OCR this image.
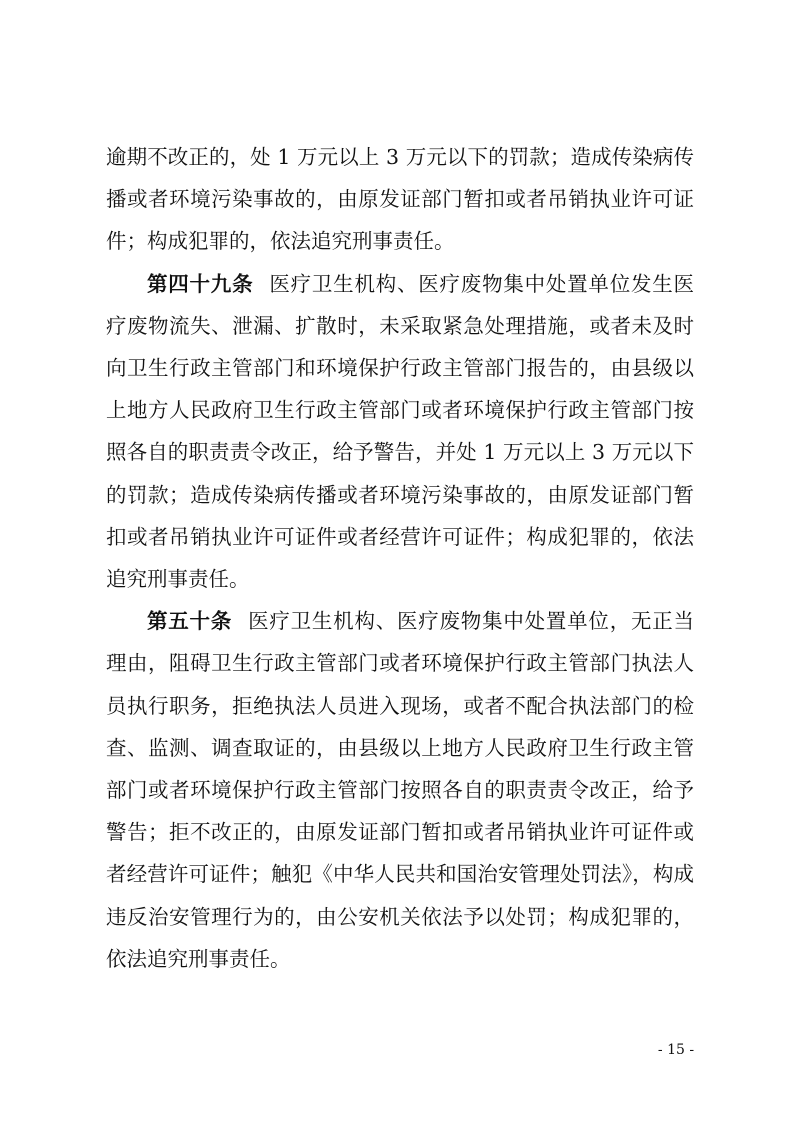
逾期不改正的，处 1 万元以上 3 万元以下的罚款；造成传染病传播或者环境污染事故的，由原发证部门暂扣或者吊销执业许可证件；构成犯罪的，依法追究刑事责任。

第四十九条 医疗卫生机构、医疗废物集中处置单位发生医疗废物流失、泄漏、扩散时，未采取紧急处理措施，或者未及时向卫生行政主管部门和环境保护行政主管部门报告的，由县级以上地方人民政府卫生行政主管部门或者环境保护行政主管部门按照各自的职责责令改正，给予警告，并处 1 万元以上 3 万元以下的罚款；造成传染病传播或者环境污染事故的，由原发证部门暂扣或者吊销执业许可证件或者经营许可证件；构成犯罪的，依法追究刑事责任。

第五十条 医疗卫生机构、医疗废物集中处置单位，无正当理由，阻碍卫生行政主管部门或者环境保护行政主管部门执法人员执行职务，拒绝执法人员进入现场，或者不配合执法部门的检查、监测、调查取证的，由县级以上地方人民政府卫生行政主管部门或者环境保护行政主管部门按照各自的职责责令改正，给予警告；拒不改正的，由原发证部门暂扣或者吊销执业许可证件或者经营许可证件；触犯《中华人民共和国治安管理处罚法》，构成违反治安管理行为的，由公安机关依法予以处罚；构成犯罪的，依法追究刑事责任。

- 15 -
